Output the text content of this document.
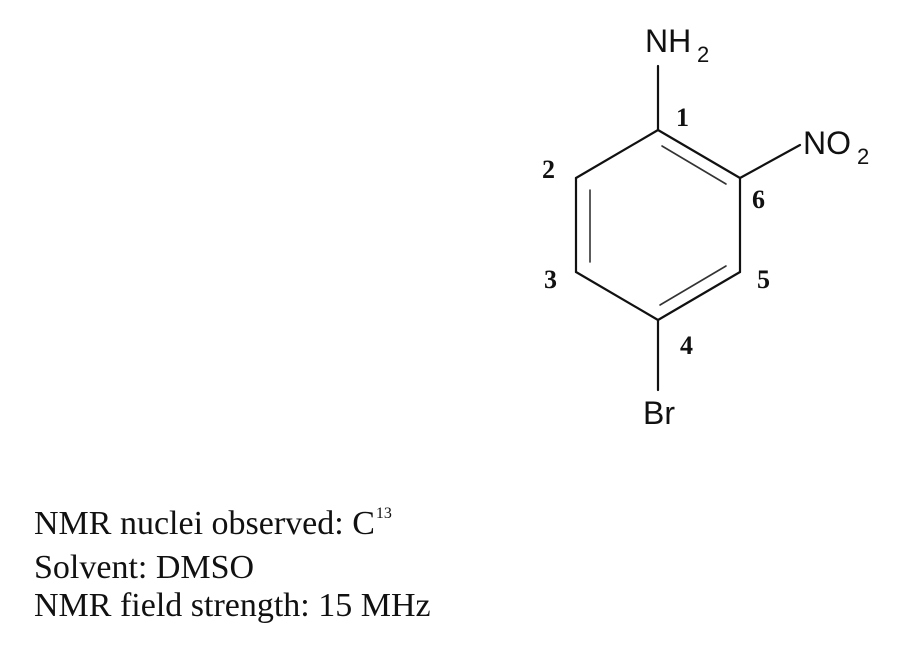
NH 2
NO 2
Br
1
2
3
4
5
6
NMR nuclei observed: $C^{13}$
Solvent: DMSO
NMR field strength: 15 MHz
